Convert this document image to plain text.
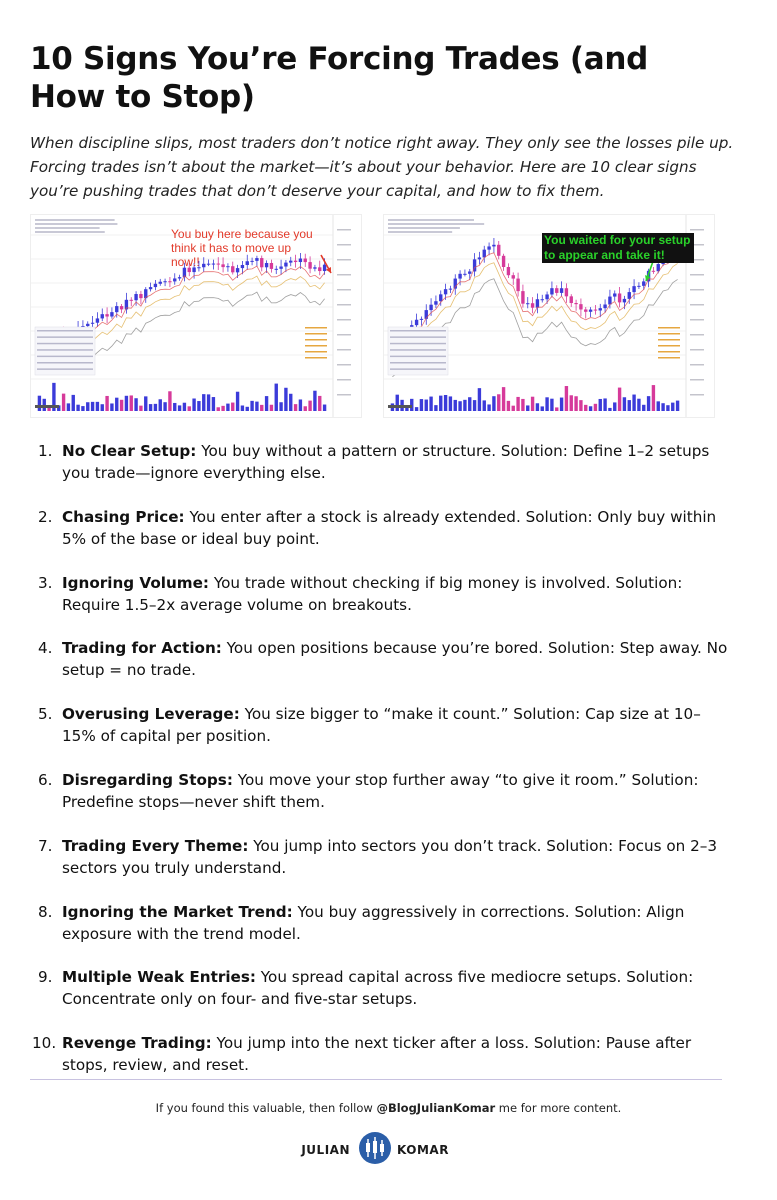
10 Signs You’re Forcing Trades (and How to Stop)

When discipline slips, most traders don’t notice right away. They only see the losses pile up. Forcing trades isn’t about the market—it’s about your behavior. Here are 10 clear signs you’re pushing trades that don’t deserve your capital, and how to fix them.

You buy here because you think it has to move up now!!
You waited for your setup to appear and take it!
1. No Clear Setup: You buy without a pattern or structure. Solution: Define 1–2 setups you trade—ignore everything else.
2. Chasing Price: You enter after a stock is already extended. Solution: Only buy within 5% of the base or ideal buy point.
3. Ignoring Volume: You trade without checking if big money is involved. Solution: Require 1.5–2x average volume on breakouts.
4. Trading for Action: You open positions because you’re bored. Solution: Step away. No setup = no trade.
5. Overusing Leverage: You size bigger to “make it count.” Solution: Cap size at 10–15% of capital per position.
6. Disregarding Stops: You move your stop further away “to give it room.” Solution: Predefine stops—never shift them.
7. Trading Every Theme: You jump into sectors you don’t track. Solution: Focus on 2–3 sectors you truly understand.
8. Ignoring the Market Trend: You buy aggressively in corrections. Solution: Align exposure with the trend model.
9. Multiple Weak Entries: You spread capital across five mediocre setups. Solution: Concentrate only on four- and five-star setups.
10. Revenge Trading: You jump into the next ticker after a loss. Solution: Pause after stops, review, and reset.
If you found this valuable, then follow @BlogJulianKomar me for more content.
JULIAN	KOMAR
